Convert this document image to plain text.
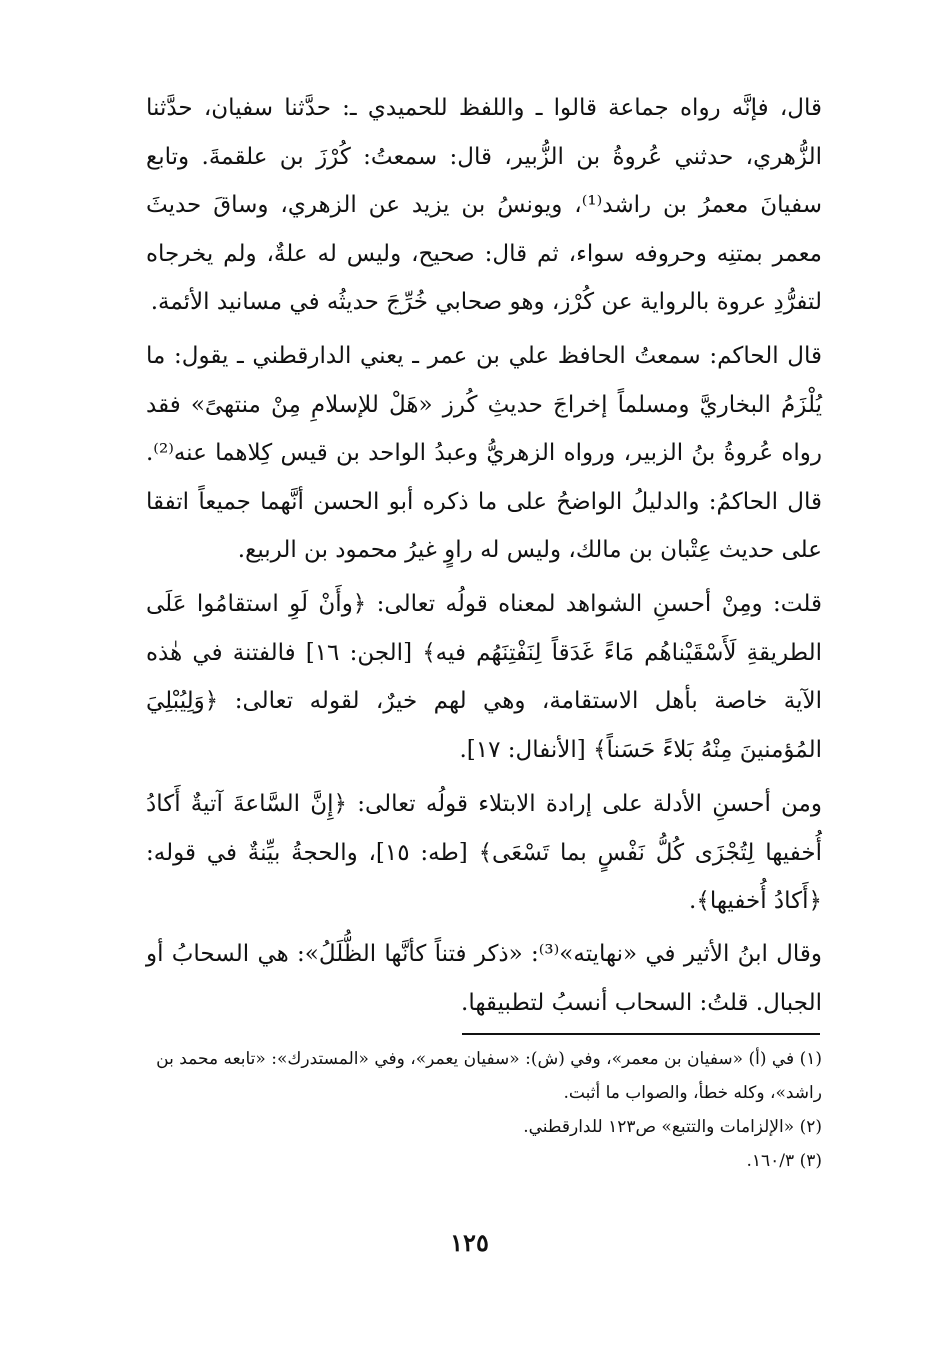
قال، فإنَّه رواه جماعة قالوا ـ واللفظ للحميدي ـ: حدَّثنا سفيان، حدَّثنا الزُّهري، حدثني عُروةُ بن الزُّبير، قال: سمعتُ: كُرْزَ بن علقمةَ. وتابع سفيانَ معمرُ بن راشد⁽¹⁾، ويونسُ بن يزيد عن الزهري، وساقَ حديثَ معمر بمتنِه وحروفه سواء، ثم قال: صحيح، وليس له علةٌ، ولم يخرجاه لتفرُّدِ عروة بالرواية عن كُرْز، وهو صحابي خُرِّجَ حديثُه في مسانيد الأئمة.

قال الحاكم: سمعتُ الحافظ علي بن عمر ـ يعني الدارقطني ـ يقول: ما يُلْزَمُ البخاريَّ ومسلماً إخراجَ حديثِ كُرز «هَلْ للإسلامِ مِنْ منتهىً» فقد رواه عُروةُ بنُ الزبير، ورواه الزهريُّ وعبدُ الواحد بن قيس كِلاهما عنه⁽²⁾. قال الحاكمُ: والدليلُ الواضحُ على ما ذكره أبو الحسن أنَّهما جميعاً اتفقا على حديث عِتْبان بن مالك، وليس له راوٍ غيرُ محمود بن الربيع.

قلت: ومِنْ أحسنِ الشواهد لمعناه قولُه تعالى: ﴿وأَنْ لَوِ استقامُوا عَلَى الطريقةِ لَأَسْقَيْناهُم مَاءً غَدَقاً لِنَفْتِنَهُم فيه﴾ [الجن: ١٦] فالفتنة في هٰذه الآية خاصة بأهل الاستقامة، وهي لهم خيرٌ، لقوله تعالى: ﴿وَلِيُبْلِيَ المُؤمنينَ مِنْهُ بَلاءً حَسَناً﴾ [الأنفال: ١٧].

ومن أحسنِ الأدلة على إرادة الابتلاء قولُه تعالى: ﴿إِنَّ السَّاعةَ آتيةٌ أَكادُ أُخفيها لِتُجْزَى كُلُّ نَفْسٍ بما تَسْعَى﴾ [طه: ١٥]، والحجةُ بيِّنةٌ في قوله: ﴿أَكادُ أُخفيها﴾.

وقال ابنُ الأثير في «نهايته»⁽³⁾: «ذكر فتناً كأنَّها الظُّلَلُ»: هي السحابُ أو الجبال. قلتُ: السحاب أنسبُ لتطبيقها.

(١) في (أ) «سفيان بن معمر»، وفي (ش): «سفيان يعمر»، وفي «المستدرك»: «تابعه محمد بن راشد»، وكله خطأ، والصواب ما أثبت.

(٢) «الإلزامات والتتبع» ص١٢٣ للدارقطني.

(٣) ١٦٠/٣.

١٢٥
